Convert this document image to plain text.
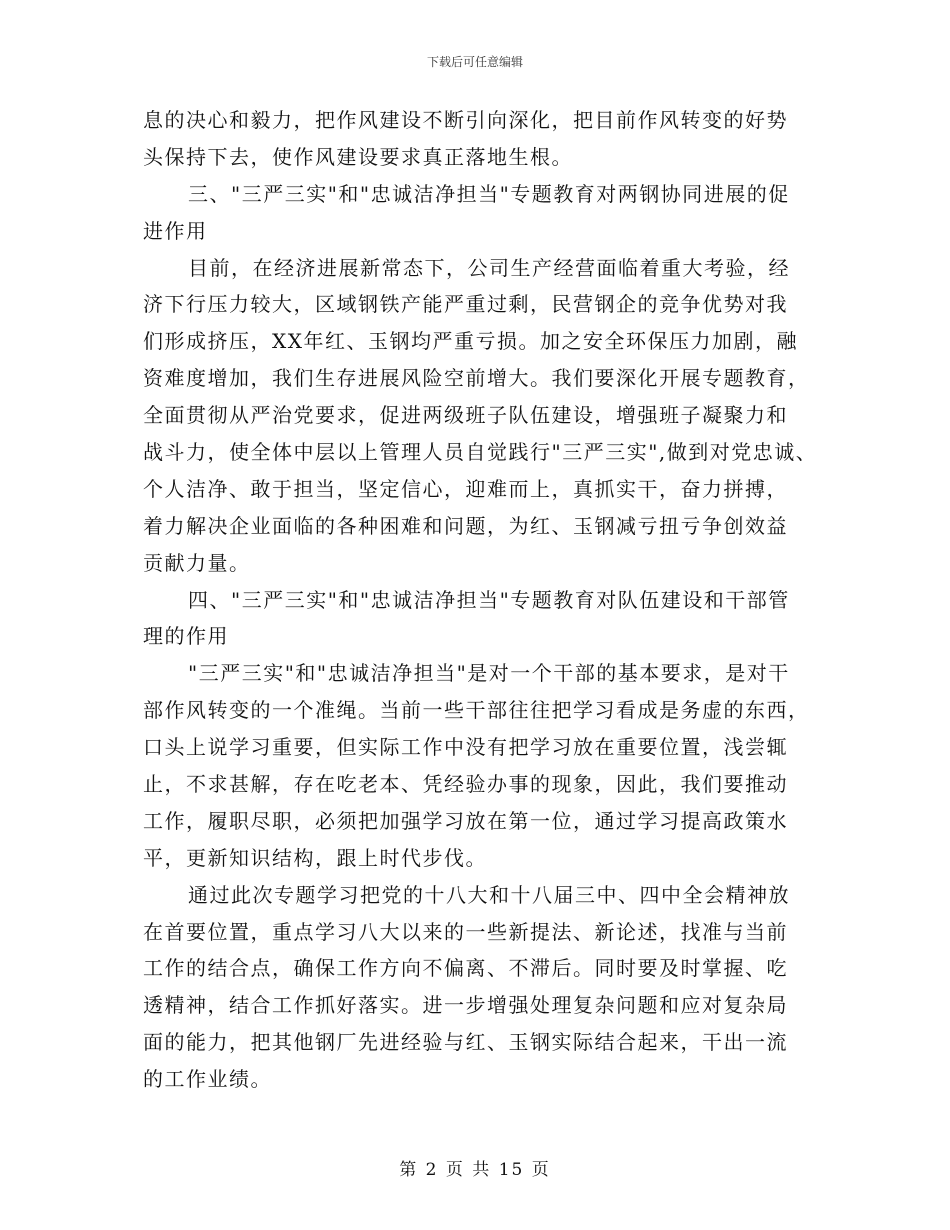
下载后可任意编辑
息的决心和毅力，把作风建设不断引向深化，把目前作风转变的好势
头保持下去，使作风建设要求真正落地生根。
三、"三严三实"和"忠诚洁净担当"专题教育对两钢协同进展的促
进作用
目前，在经济进展新常态下，公司生产经营面临着重大考验，经
济下行压力较大，区域钢铁产能严重过剩，民营钢企的竞争优势对我
们形成挤压，XX年红、玉钢均严重亏损。加之安全环保压力加剧，融
资难度增加，我们生存进展风险空前增大。我们要深化开展专题教育，
全面贯彻从严治党要求，促进两级班子队伍建设，增强班子凝聚力和
战斗力，使全体中层以上管理人员自觉践行"三严三实",做到对党忠诚、
个人洁净、敢于担当，坚定信心，迎难而上，真抓实干，奋力拼搏，
着力解决企业面临的各种困难和问题，为红、玉钢减亏扭亏争创效益
贡献力量。
四、"三严三实"和"忠诚洁净担当"专题教育对队伍建设和干部管
理的作用
"三严三实"和"忠诚洁净担当"是对一个干部的基本要求，是对干
部作风转变的一个准绳。当前一些干部往往把学习看成是务虚的东西，
口头上说学习重要，但实际工作中没有把学习放在重要位置，浅尝辄
止，不求甚解，存在吃老本、凭经验办事的现象，因此，我们要推动
工作，履职尽职，必须把加强学习放在第一位，通过学习提高政策水
平，更新知识结构，跟上时代步伐。
通过此次专题学习把党的十八大和十八届三中、四中全会精神放
在首要位置，重点学习八大以来的一些新提法、新论述，找准与当前
工作的结合点，确保工作方向不偏离、不滞后。同时要及时掌握、吃
透精神，结合工作抓好落实。进一步增强处理复杂问题和应对复杂局
面的能力，把其他钢厂先进经验与红、玉钢实际结合起来，干出一流
的工作业绩。
第 2 页 共 15 页
